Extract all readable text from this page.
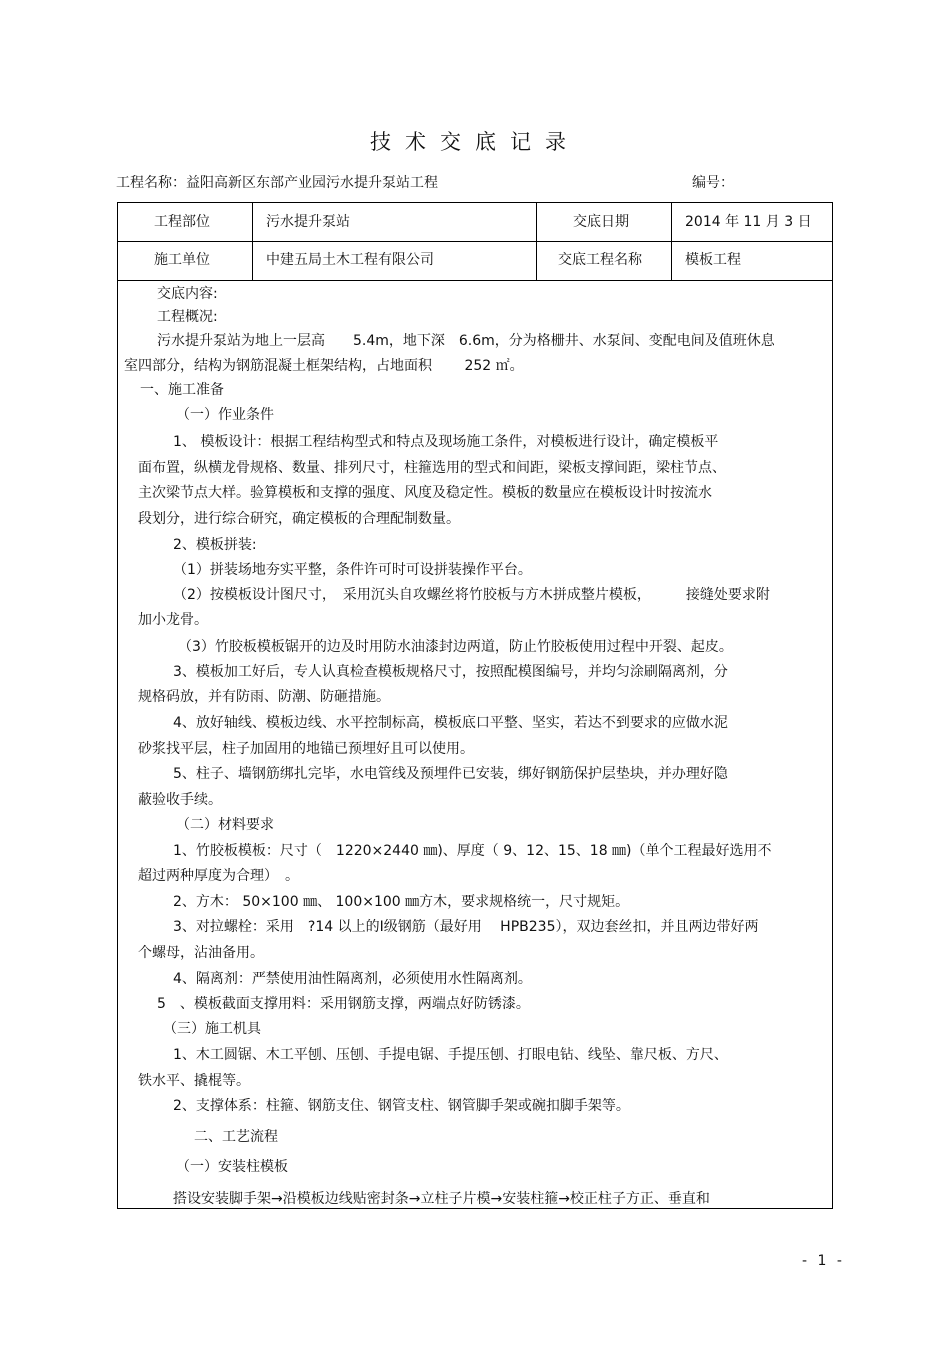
技术交底记录
工程名称：益阳高新区东部产业园污水提升泵站工程	编号：
工程部位	污水提升泵站	交底日期	2014 年 11 月 3 日
施工单位	中建五局土木工程有限公司	交底工程名称	模板工程
交底内容:
工程概况:
污水提升泵站为地上一层高　　5.4m，地下深　6.6m，分为格栅井、水泵间、变配电间及值班休息
室四部分，结构为钢筋混凝土框架结构，占地面积　　 252 ㎡。
一、施工准备
（一）作业条件
1、 模板设计：根据工程结构型式和特点及现场施工条件，对模板进行设计，确定模板平
面布置，纵横龙骨规格、数量、排列尺寸，柱箍选用的型式和间距，梁板支撑间距，梁柱节点、
主次梁节点大样。验算模板和支撑的强度、风度及稳定性。模板的数量应在模板设计时按流水
段划分，进行综合研究，确定模板的合理配制数量。
2、模板拼装:
（1）拼装场地夯实平整，条件许可时可设拼装操作平台。
（2）按模板设计图尺寸，　采用沉头自攻螺丝将竹胶板与方木拼成整片模板，　　　接缝处要求附
加小龙骨。
（3）竹胶板模板锯开的边及时用防水油漆封边两道，防止竹胶板使用过程中开裂、起皮。
3、模板加工好后，专人认真检查模板规格尺寸，按照配模图编号，并均匀涂刷隔离剂，分
规格码放，并有防雨、防潮、防砸措施。
4、放好轴线、模板边线、水平控制标高，模板底口平整、坚实，若达不到要求的应做水泥
砂浆找平层，柱子加固用的地锚已预埋好且可以使用。
5、柱子、墙钢筋绑扎完毕，水电管线及预埋件已安装，绑好钢筋保护层垫块，并办理好隐
蔽验收手续。
（二）材料要求
1、竹胶板模板：尺寸（　1220×2440 ㎜)、厚度（ 9、12、15、18 ㎜)（单个工程最好选用不
超过两种厚度为合理）　。
2、方木： 50×100 ㎜、 100×100 ㎜方木，要求规格统一，尺寸规矩。
3、对拉螺栓：采用　?14 以上的Ⅰ级钢筋（最好用　 HPB235），双边套丝扣，并且两边带好两
个螺母，沾油备用。
4、隔离剂：严禁使用油性隔离剂，必须使用水性隔离剂。
5　、模板截面支撑用料：采用钢筋支撑，两端点好防锈漆。
（三）施工机具
1、木工圆锯、木工平刨、压刨、手提电锯、手提压刨、打眼电钻、线坠、靠尺板、方尺、
铁水平、撬棍等。
2、支撑体系：柱箍、钢筋支住、钢管支柱、钢管脚手架或碗扣脚手架等。
二、工艺流程
（一）安装柱模板
搭设安装脚手架→沿模板边线贴密封条→立柱子片模→安装柱箍→校正柱子方正、垂直和
- 1 -
